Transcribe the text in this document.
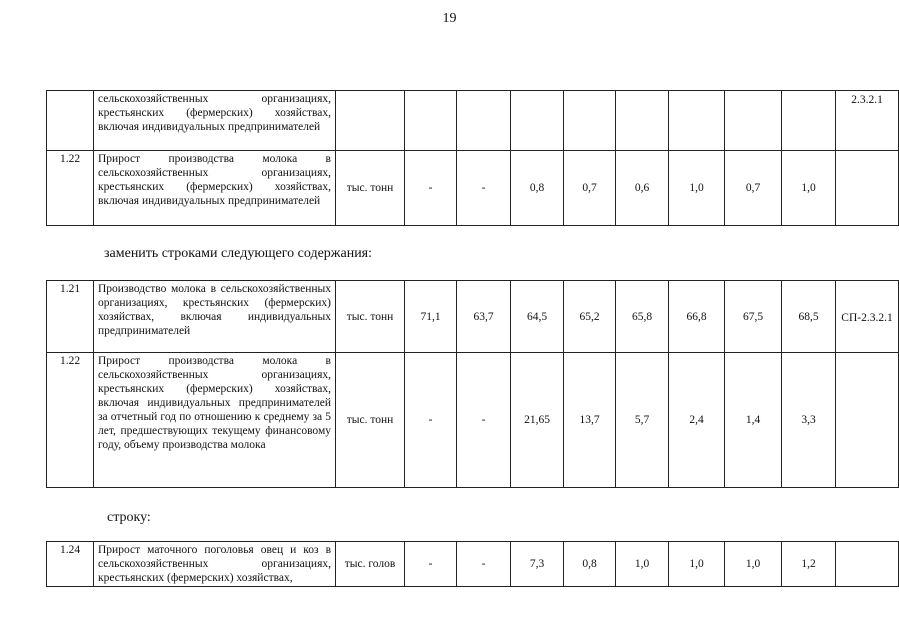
19
	сельскохозяйственных организациях, крестьянских (фермерских) хозяйствах, включая индивидуальных предпринимателей										2.3.2.1
1.22	Прирост производства молока в сельскохозяйственных организациях, крестьянских (фермерских) хозяйствах, включая индивидуальных предпринимателей	тыс. тонн	-	-	0,8	0,7	0,6	1,0	0,7	1,0	
заменить строками следующего содержания:
1.21	Производство молока в сельскохозяйственных организациях, крестьянских (фермерских) хозяйствах, включая индивидуальных предпринимателей	тыс. тонн	71,1	63,7	64,5	65,2	65,8	66,8	67,5	68,5	СП-2.3.2.1
1.22	Прирост производства молока в сельскохозяйственных организациях, крестьянских (фермерских) хозяйствах, включая индивидуальных предпринимателей за отчетный год по отношению к среднему за 5 лет, предшествующих текущему финансовому году, объему производства молока	тыс. тонн	-	-	21,65	13,7	5,7	2,4	1,4	3,3	
строку:
1.24	Прирост маточного поголовья овец и коз в сельскохозяйственных организациях, крестьянских (фермерских) хозяйствах,	тыс. голов	-	-	7,3	0,8	1,0	1,0	1,0	1,2	
